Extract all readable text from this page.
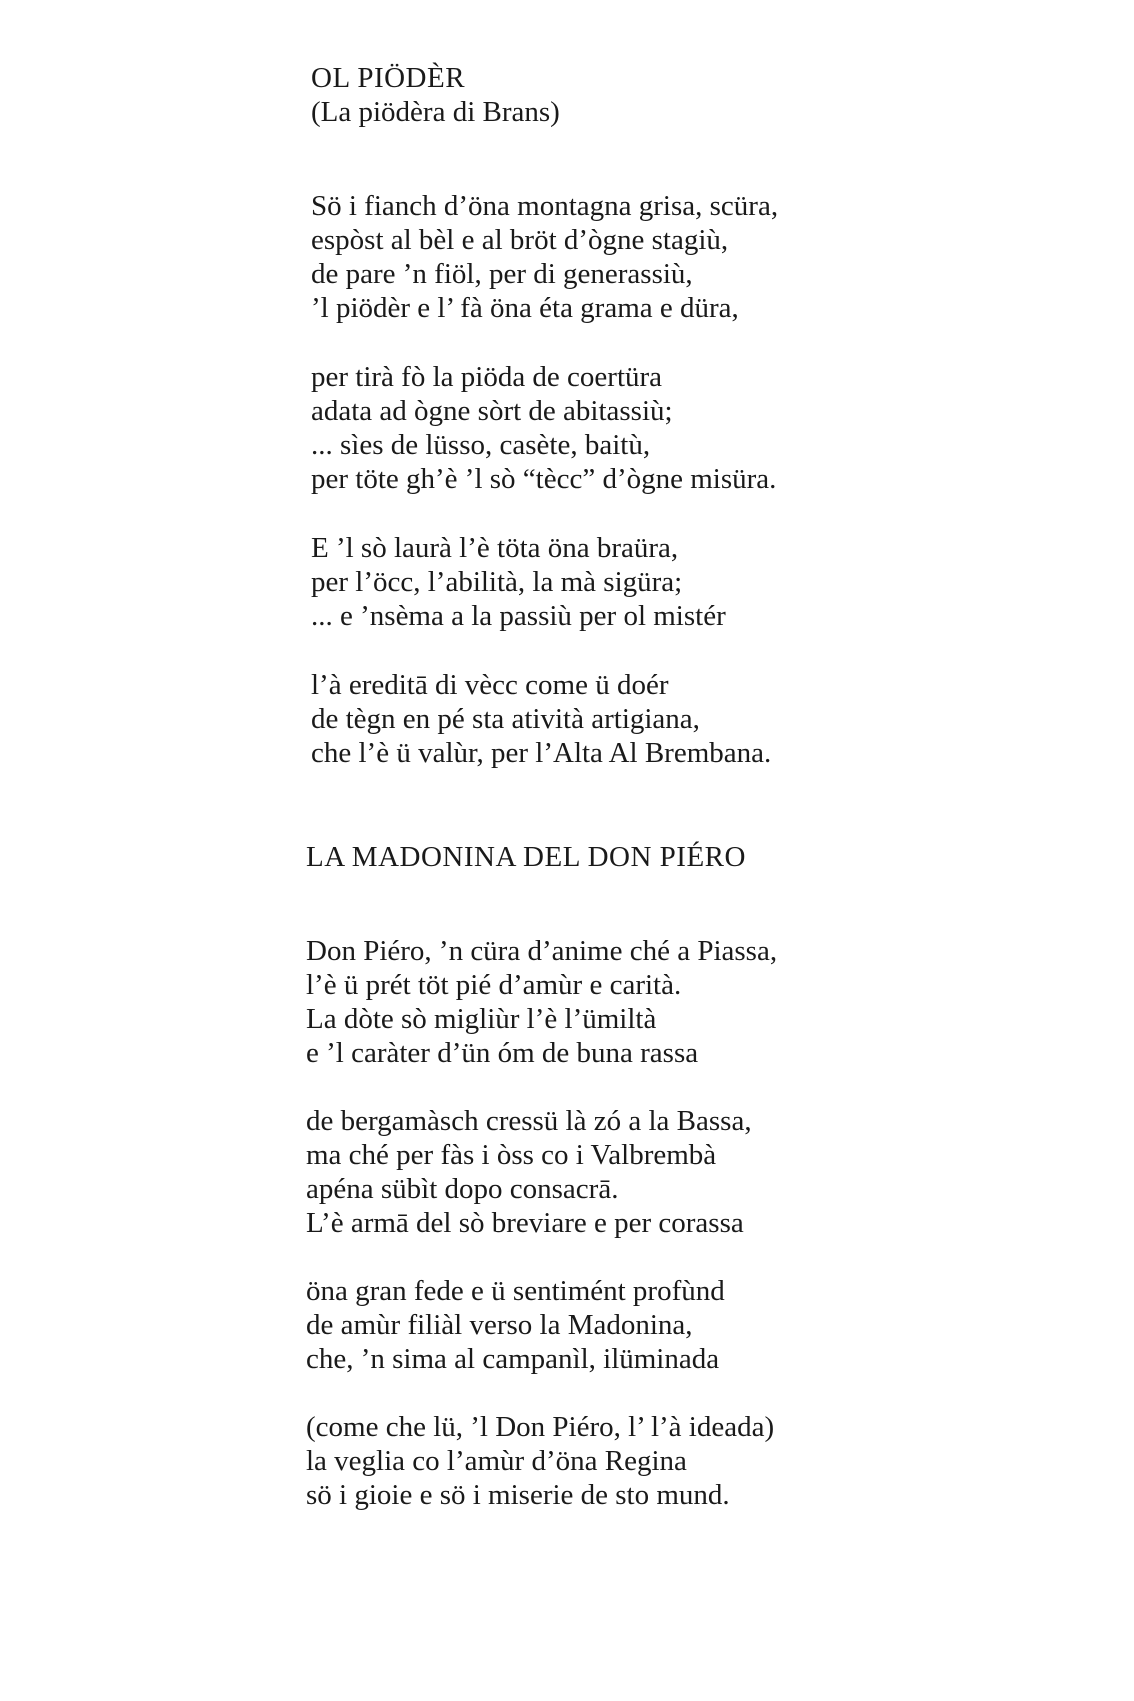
OL PIÖDÈR

(La piödèra di Brans)

Sö i fianch d’öna montagna grisa, scüra,
espòst al bèl e al bröt d’ògne stagiù,
de pare ’n fiöl, per di generassiù,
’l piödèr e l’ fà öna éta grama e düra,

per tirà fò la piöda de coertüra
adata ad ògne sòrt de abitassiù;
... sìes de lüsso, casète, baitù,
per töte gh’è ’l sò “tècc” d’ògne misüra.

E ’l sò laurà l’è töta öna braüra,
per l’öcc, l’abilità, la mà sigüra;
... e ’nsèma a la passiù per ol mistér

l’à ereditā di vècc come ü doér
de tègn en pé sta atività artigiana,
che l’è ü valùr, per l’Alta Al Brembana.

LA MADONINA DEL DON PIÉRO

Don Piéro, ’n cüra d’anime ché a Piassa,
l’è ü prét töt pié d’amùr e carità.
La dòte sò migliùr l’è l’ümiltà
e ’l caràter d’ün óm de buna rassa

de bergamàsch cressü là zó a la Bassa,
ma ché per fàs i òss co i Valbrembà
apéna sübìt dopo consacrā.
L’è armā del sò breviare e per corassa

öna gran fede e ü sentimént profùnd
de amùr filiàl verso la Madonina,
che, ’n sima al campanìl, ilüminada

(come che lü, ’l Don Piéro, l’ l’à ideada)
la veglia co l’amùr d’öna Regina
sö i gioie e sö i miserie de sto mund.
